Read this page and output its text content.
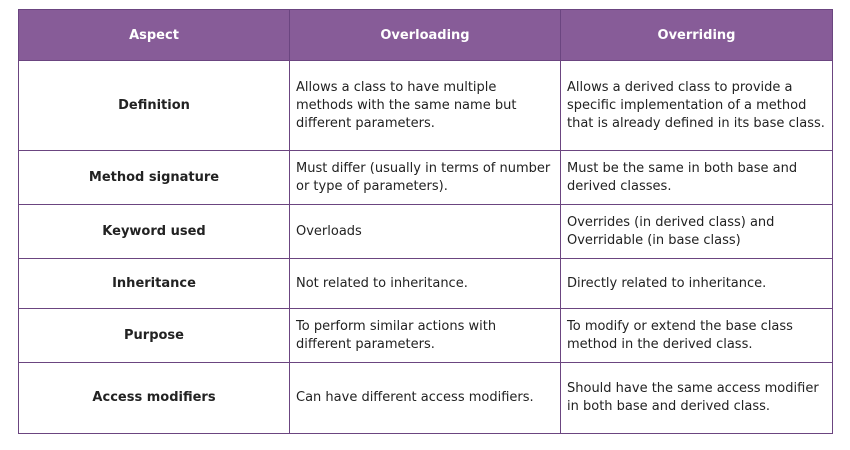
Aspect	Overloading	Overriding
Definition	Allows a class to have multiple methods with the same name but different parameters.	Allows a derived class to provide a specific implementation of a method that is already defined in its base class.
Method signature	Must differ (usually in terms of number or type of parameters).	Must be the same in both base and derived classes.
Keyword used	Overloads	Overrides (in derived class) and Overridable (in base class)
Inheritance	Not related to inheritance.	Directly related to inheritance.
Purpose	To perform similar actions with different parameters.	To modify or extend the base class method in the derived class.
Access modifiers	Can have different access modifiers.	Should have the same access modifier in both base and derived class.
